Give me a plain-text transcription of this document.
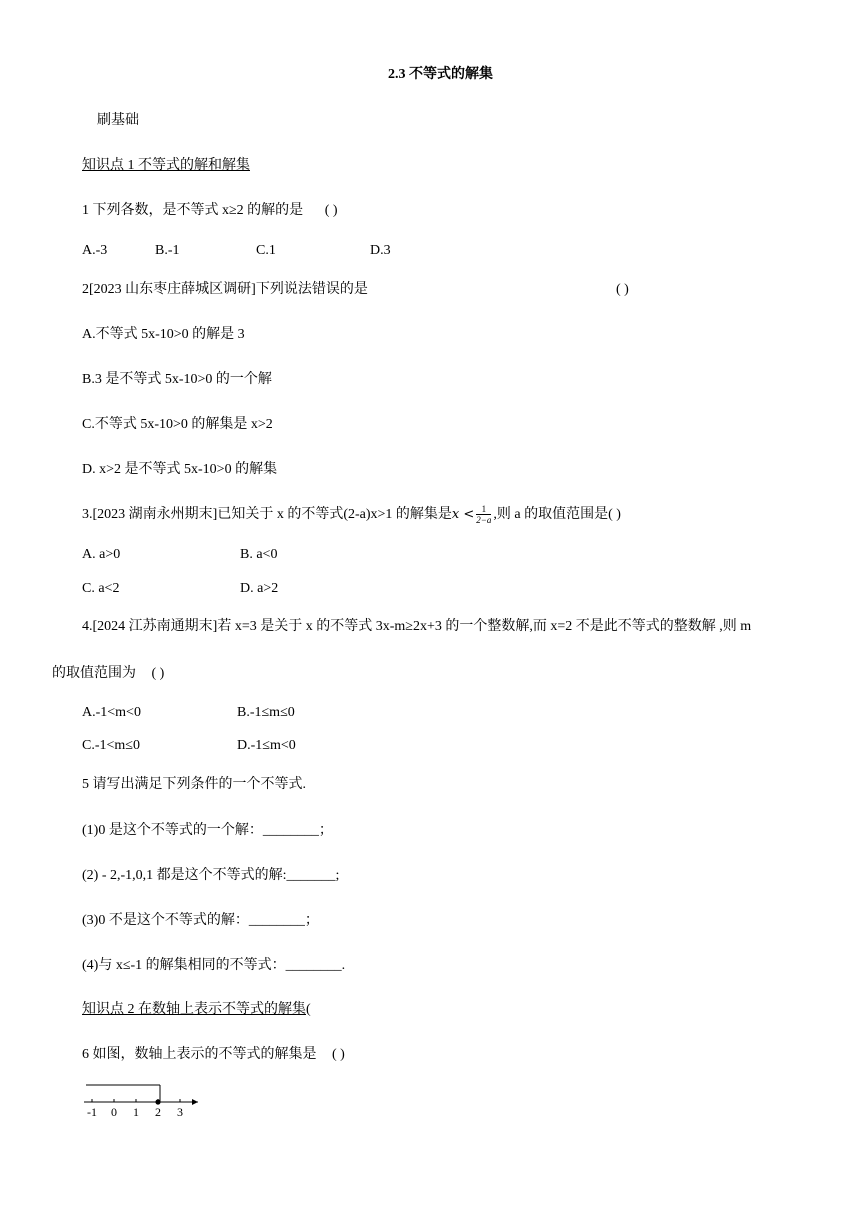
2.3 不等式的解集
刷基础
知识点 1 不等式的解和解集
1 下列各数，是不等式 x≥2 的解的是 ( )
A.-3	B.-1	C.1	D.3
2[2023 山东枣庄薛城区调研]下列说法错误的是	( )
A.不等式 5x-10>0 的解是 3
B.3 是不等式 5x-10>0 的一个解
C.不等式 5x-10>0 的解集是 x>2
D. x>2 是不等式 5x-10>0 的解集
3.[2023 湖南永州期末]已知关于 x 的不等式(2-a)x>1 的解集是$x < \frac{1}{2-a}$ ,则 a 的取值范围是( )
A. a>0	B. a<0
C. a<2	D. a>2
4.[2024 江苏南通期末]若 x=3 是关于 x 的不等式 3x-m≥2x+3 的一个整数解,而 x=2 不是此不等式的整数解 ,则 m
的取值范围为 ( )
A.-1<m<0	B.-1≤m≤0
C.-1<m≤0	D.-1≤m<0
5 请写出满足下列条件的一个不等式.
(1)0 是这个不等式的一个解：________；
(2) - 2,-1,0,1 都是这个不等式的解:_______;
(3)0 不是这个不等式的解：________；
(4)与 x≤-1 的解集相同的不等式：________.
知识点 2 在数轴上表示不等式的解集(
6 如图，数轴上表示的不等式的解集是 ( )
-1 0 1 2 3
